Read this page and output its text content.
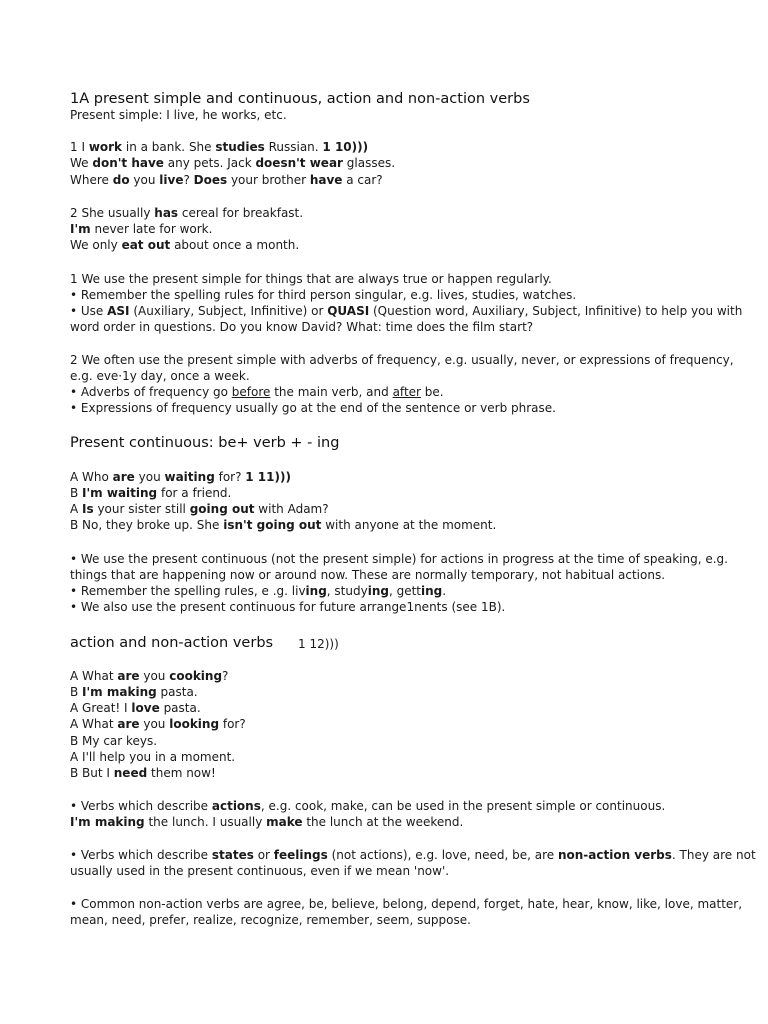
1A present simple and continuous, action and non-action verbs

Present simple: I live, he works, etc.

1 I work in a bank. She studies Russian. 1 10)))

We don't have any pets. Jack doesn't wear glasses.

Where do you live? Does your brother have a car?

2 She usually has cereal for breakfast.

I'm never late for work.

We only eat out about once a month.

1 We use the present simple for things that are always true or happen regularly.

• Remember the spelling rules for third person singular, e.g. lives, studies, watches.

• Use ASI (Auxiliary, Subject, Infinitive) or QUASI (Question word, Auxiliary, Subject, Infinitive) to help you with

word order in questions. Do you know David? What: time does the film start?

2 We often use the present simple with adverbs of frequency, e.g. usually, never, or expressions of frequency,

e.g. eve·1y day, once a week.

• Adverbs of frequency go before the main verb, and after be.

• Expressions of frequency usually go at the end of the sentence or verb phrase.

Present continuous: be+ verb + - ing

A Who are you waiting for? 1 11)))

B I'm waiting for a friend.

A Is your sister still going out with Adam?

B No, they broke up. She isn't going out with anyone at the moment.

• We use the present continuous (not the present simple) for actions in progress at the time of speaking, e.g.

things that are happening now or around now. These are normally temporary, not habitual actions.

• Remember the spelling rules, e .g. living, studying, getting.

• We also use the present continuous for future arrange1nents (see 1B).

action and non-action verbs 1 12)))

A What are you cooking?

B I'm making pasta.

A Great! I love pasta.

A What are you looking for?

B My car keys.

A I'll help you in a moment.

B But I need them now!

• Verbs which describe actions, e.g. cook, make, can be used in the present simple or continuous.

I'm making the lunch. I usually make the lunch at the weekend.

• Verbs which describe states or feelings (not actions), e.g. love, need, be, are non-action verbs. They are not

usually used in the present continuous, even if we mean 'now'.

• Common non-action verbs are agree, be, believe, belong, depend, forget, hate, hear, know, like, love, matter,

mean, need, prefer, realize, recognize, remember, seem, suppose.
